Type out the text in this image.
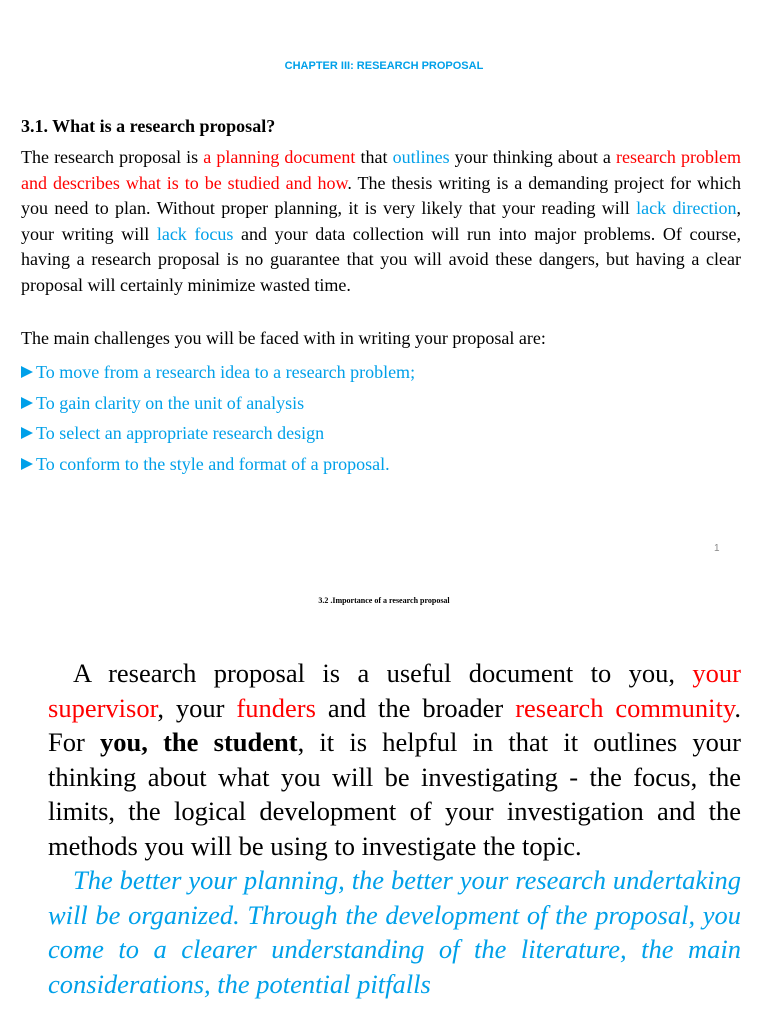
CHAPTER III: RESEARCH PROPOSAL
3.1. What is a research proposal?

The research proposal is a planning document that outlines your thinking about a research problem and describes what is to be studied and how. The thesis writing is a demanding project for which you need to plan. Without proper planning, it is very likely that your reading will lack direction, your writing will lack focus and your data collection will run into major problems. Of course, having a research proposal is no guarantee that you will avoid these dangers, but having a clear proposal will certainly minimize wasted time.

The main challenges you will be faced with in writing your proposal are:
To move from a research idea to a research problem;
To gain clarity on the unit of analysis
To select an appropriate research design
To conform to the style and format of a proposal.
1
3.2 .Importance of a research proposal

A research proposal is a useful document to you, your supervisor, your funders and the broader research community. For you, the student, it is helpful in that it outlines your thinking about what you will be investigating - the focus, the limits, the logical development of your investigation and the methods you will be using to investigate the topic.

The better your planning, the better your research undertaking will be organized. Through the development of the proposal, you come to a clearer understanding of the literature, the main considerations, the potential pitfalls
